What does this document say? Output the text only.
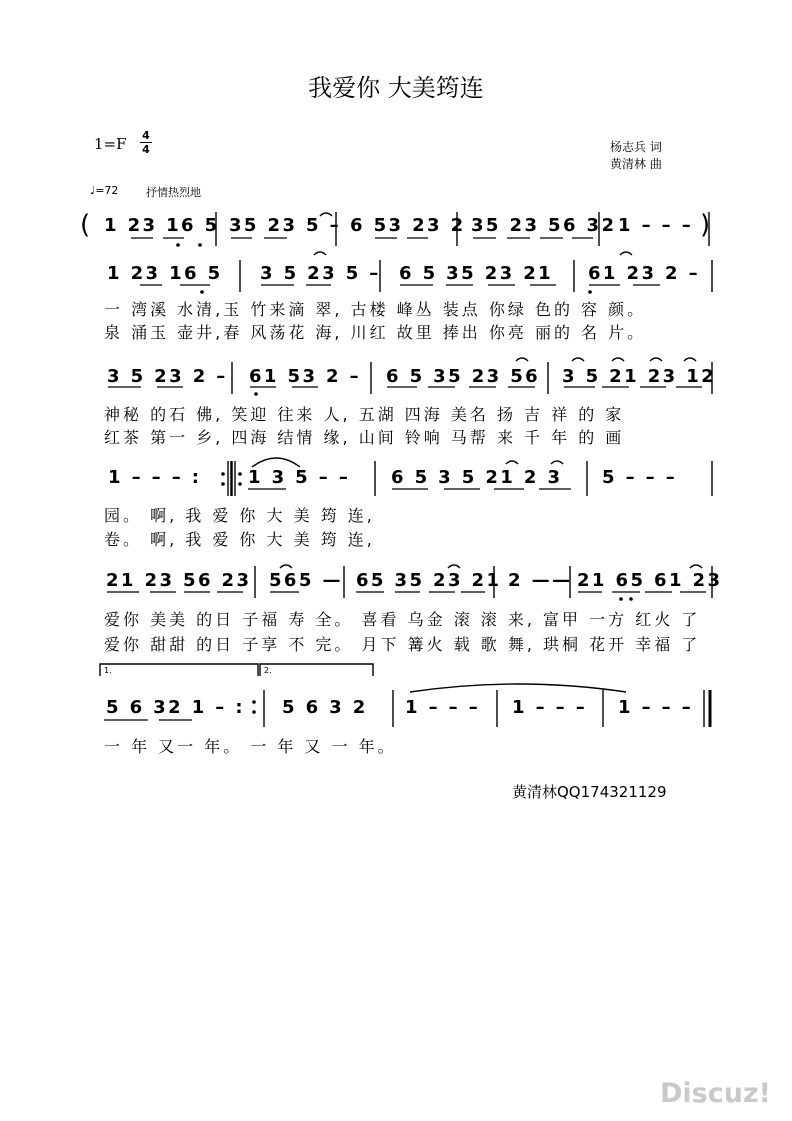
我爱你 大美筠连
1=F 4
4	杨志兵 词
黄清林 曲
♩=72	抒情热烈地
( 1 23 16 5 35 23 5 – 6 53 23 2 35 23 56 32 1 – – – )
1 23 16 5 3 5 23 5 – 6 5 35 23 21 61 23 2 –
一 湾溪 水清,玉 竹来滴 翠, 古楼 峰丛 装点 你绿 色的 容 颜。
泉 涌玉 壶井,春 风荡花 海, 川红 故里 捧出 你亮 丽的 名 片。
3 5 23 2 – 61 53 2 – 6 5 35 23 56 3 5 21 23 12
神秘 的石 佛, 笑迎 往来 人, 五湖 四海 美名 扬 吉 祥 的 家
红茶 第一 乡, 四海 结情 缘, 山间 铃响 马帮 来 千 年 的 画
1 – – – :	1 3 5 – – 6 5 3 5 21 2 3 5 – – –
园。 啊, 我 爱 你 大 美 筠 连,
卷。 啊, 我 爱 你 大 美 筠 连,
21 23 56 23 565 — 65 35 23 21 2 —— 21 65 61 23
爱你 美美 的日 子福 寿 全。 喜看 乌金 滚 滚 来, 富甲 一方 红火 了
爱你 甜甜 的日 子享 不 完。 月下 篝火 载 歌 舞, 珙桐 花开 幸福 了
1.	2.
5 6 32 1 – : 5 6 3 2 1 – – – 1 – – – 1 – – –
一 年 又一 年。 一 年 又 一 年。
黄清林QQ174321129
Discuz!
